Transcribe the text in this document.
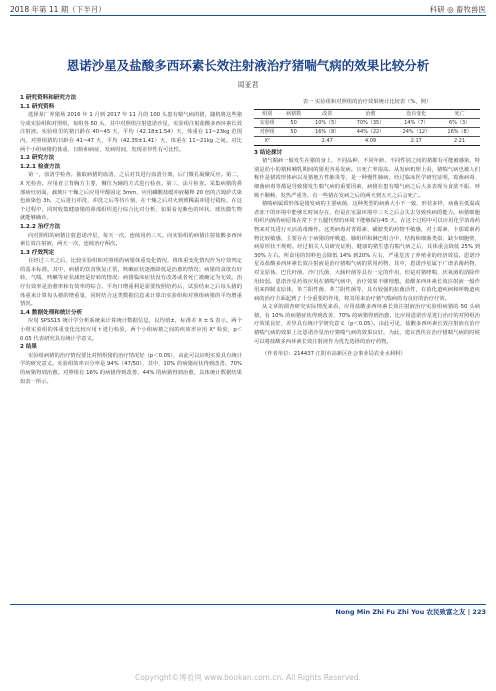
2018 年第 11 期（下半月）	科研 ◎ 畜牧兽医
恩诺沙星及盐酸多西环素长效注射液治疗猪喘气病的效果比较分析
周亚君
1 研究资料和研究方法
1.1 研究资料
选择某厂养猪场 2016 年 1 月到 2017 年 11 月的 100 头患有喘气病的猪，随机将这些猪分成实验组和对照组，每组各 50 头，其中对照组注射恩诺沙星，实验组注射盐酸多西环素长效注射液。实验组里的猪日龄在 40~45 天，平均（42.18±1.54）天，体重在 11~23kg 范围内，对照组猪的日龄在 41~47 天，平均（42.35±1.41）天，体重在 11~21kg 之间。对比两个小组病猪的体重、日龄和病症，发病时间，发现差异性有可比性。
1.2 研究方法
1.2.1 检查方法
第一，血清学检查。抽取病猪的血清，之后对其进行血清分离，后门微孔凝聚反应。第二，X 光检查。应用直立背胸方主要，侧位为辅的方式进行检查。第三，涂片检查。采集病猪的鼻部病灶切面，载玻片干燥之后应用甲醇固定 3mm，应用磷酸盐缓冲液稀释 20 倍的吉姆萨式染色液染色 3h，之后进行冲洗，冲洗之后等待片刻，在干燥之后对火到到稀霜冲进行镜检。在这个过程中，同时收集健康猪的鼻部组织进行综合比对分析，如果看见紫色的环状、球状微生物就能够确诊。
1.2.2 治疗方法
向对照组的病猪注射恩诺沙星，每天一次，连续用药三天。向实验组的病猪注射盐酸多西环素长效注射液，两天一次，连续治疗两次。
1.3 疗效判定
在经过三天之后，比较实验组和对照组的病猪体重变化情况，将体重变化情况作为疗效判定的基本标准。其中，病猪的饮食恢复正常，咳嗽症状逐渐降低是治愈的情况；病猪的食欲有好转，气喘、咳嗽等症状减轻是好转的情况；病猪临床症状没有改善或者死亡被确定为无效。治疗有效率是治愈率和有效率的综合。平均日增重利是需要按照给药后，试验结束之后每头猪的体重来计算每头猪的增重量，同时结合这类数据信息来计算出实验组和对照组病猪的平均增重情况。
1.4 数据处理和统计分析
应用 SPSS15 统计学分析系统来计算统计数据信息，以均值±，标准差 X ± S 表示。两个小组实验组的体重变化比较应用 t 进行检验，两个小组病猪之间的疾效率应用 X² 检验，p＜0.05 代表研究具有统计学意义。
2 结果
实验组病猪的治疗情况要比对照组猪的治疗情况好（p＜0.05），由此可以证明实验具有统计学的研究意义。实验组效率百分率是 94%（47/50），其中，10% 的病猪症状得到改善，70% 的病猪得到治愈。对照组有 16% 的病猪得到改善，44% 的病猪得到治愈，具体统计数据结果如表一所示。
表一 实验组和对照组的治疗效果统计比较表（%，例）
组别	病猪数	改善	治愈	没有变化	死亡
实验组	50	10%（5）	70%（35）	14%（7）	6%（3）
对照组	50	16%（8）	44%（22）	24%（12）	16%（8）
X²		2.47	4.09	2.17	2.21
3 结论探讨
猪气喘病一般发生在猪的身上，不同品种、不同年龄、不同性别之间的猪都有可能被感染，特别是幼小的猪和哺乳期间的猪更容易发病。且死亡率很高。从发病机理上看，猪喘气病也被人们称作是猪霉形体病以及猪地方性肺炎等，是一种慢性肺病。经过临床医学研究证明，霉菌病毒、细菌病毒等都是导致猪发生喘气病的重要因素，病猪在患有喘气病之后大多表现为食欲不振、呼吸不顺畅、发热严重等，有一些猪在发病之后的两天到五天之后会死亡。
猪喘病属霉形体是猪发病的主要病菌，这种类型的病菌大小不一致，形状多样，病菌在低温或者冻干的环境中能够长时间存在，但是在室温环境中三天之后会失去导致疾病的能力。病猪细胞组织内菌的病原体在常下于五腿代壁的环境下能够保存45 天，在这个过程中可以应用化学消毒药物来对其进行灭活消毒操作。这类病毒对青霉素、磺胺类的药物不敏感，对土霉素、卡那霉素药物比较敏感，主要存在于病猪的呼吸道、肺组织和淋巴组合中，结构和细菌类似，缺少细胞壁，病原形状不规则。经过相关人员研究证明，健康的猪生患有喘气病之后，其体重会降低 25% 到 30% 左右。所食用的饲料也会降低 14% 到20% 左右，严重危害了养殖业的经济效益。恩诺沙星及盐酸多西环素长效注射液是治疗猪喘气病的常用药物，其中，恩诺沙星属于广谱杀菌药物，对支原体、巴氏杆菌、沙门氏菌、大肠杆菌等具有一定的作用，但是对猪哮喘、厌氧菌的消除作用较弱。恩诺沙星药效应用在猪喘气病中，治疗效果不够理想。盐酸多西环素长效注射液一般作用来抑制支原体，革兰阳性菌、革兰阴性菌等，具有较强的抗菌活性，在消化道疾病和呼吸道疾病的治疗方面起到了十分重要的作用，将其用来治疗猪气喘病的有良好的治疗疗效。
从文章的调查研究实际情况来看，应用盐酸多西环素长效注射液治疗实验组病猪的 50 头病猪，有 10% 的病猪症状得到改善，70% 的病猪得到治愈，比应用恩诺沙星进行治疗的对照组治疗效果良好，差异具有统计学研究意义（p＜0.05）。由此可见，盐酸多西环素长效注射液在治疗猪喘气病的效果上比恩诺沙星治疗猪喘气病的效果良好。为此，建议兽医在治疗猪喘气病的时候可以将盐酸多西环素长效注射液作为优先选择的治疗药物。
（作者单位：214437 江阴市高新区社会事业局农业水利科）
Nong Min Zhi Fu Zhi You 农民致富之友 | 223
Copyright©博看网 www.bookan.com.cn. All Rights Reserved.
